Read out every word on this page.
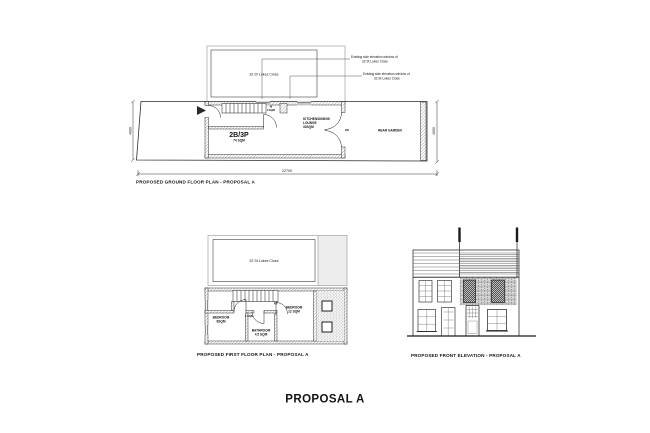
32 St Lukes Close
W
1SQM
2B/3P
74 SQM
KITCHEN/DINING/
LOUNGE
33SQM
REAR GARDEN
Existing side elevation window of
32 St Lukes Close
Existing side elevation window of
32 St Lukes Close
22700
4000	4000
PROPOSED GROUND FLOOR PLAN - PROPOSAL A
32 St Lukes Close
BEDROOM
8SQM
BATHROOM
4.5 SQM
BEDROOM
12 SQM
1 SQM
PROPOSED FIRST FLOOR PLAN - PROPOSAL A	PROPOSED FRONT ELEVATION - PROPOSAL A
PROPOSAL A
